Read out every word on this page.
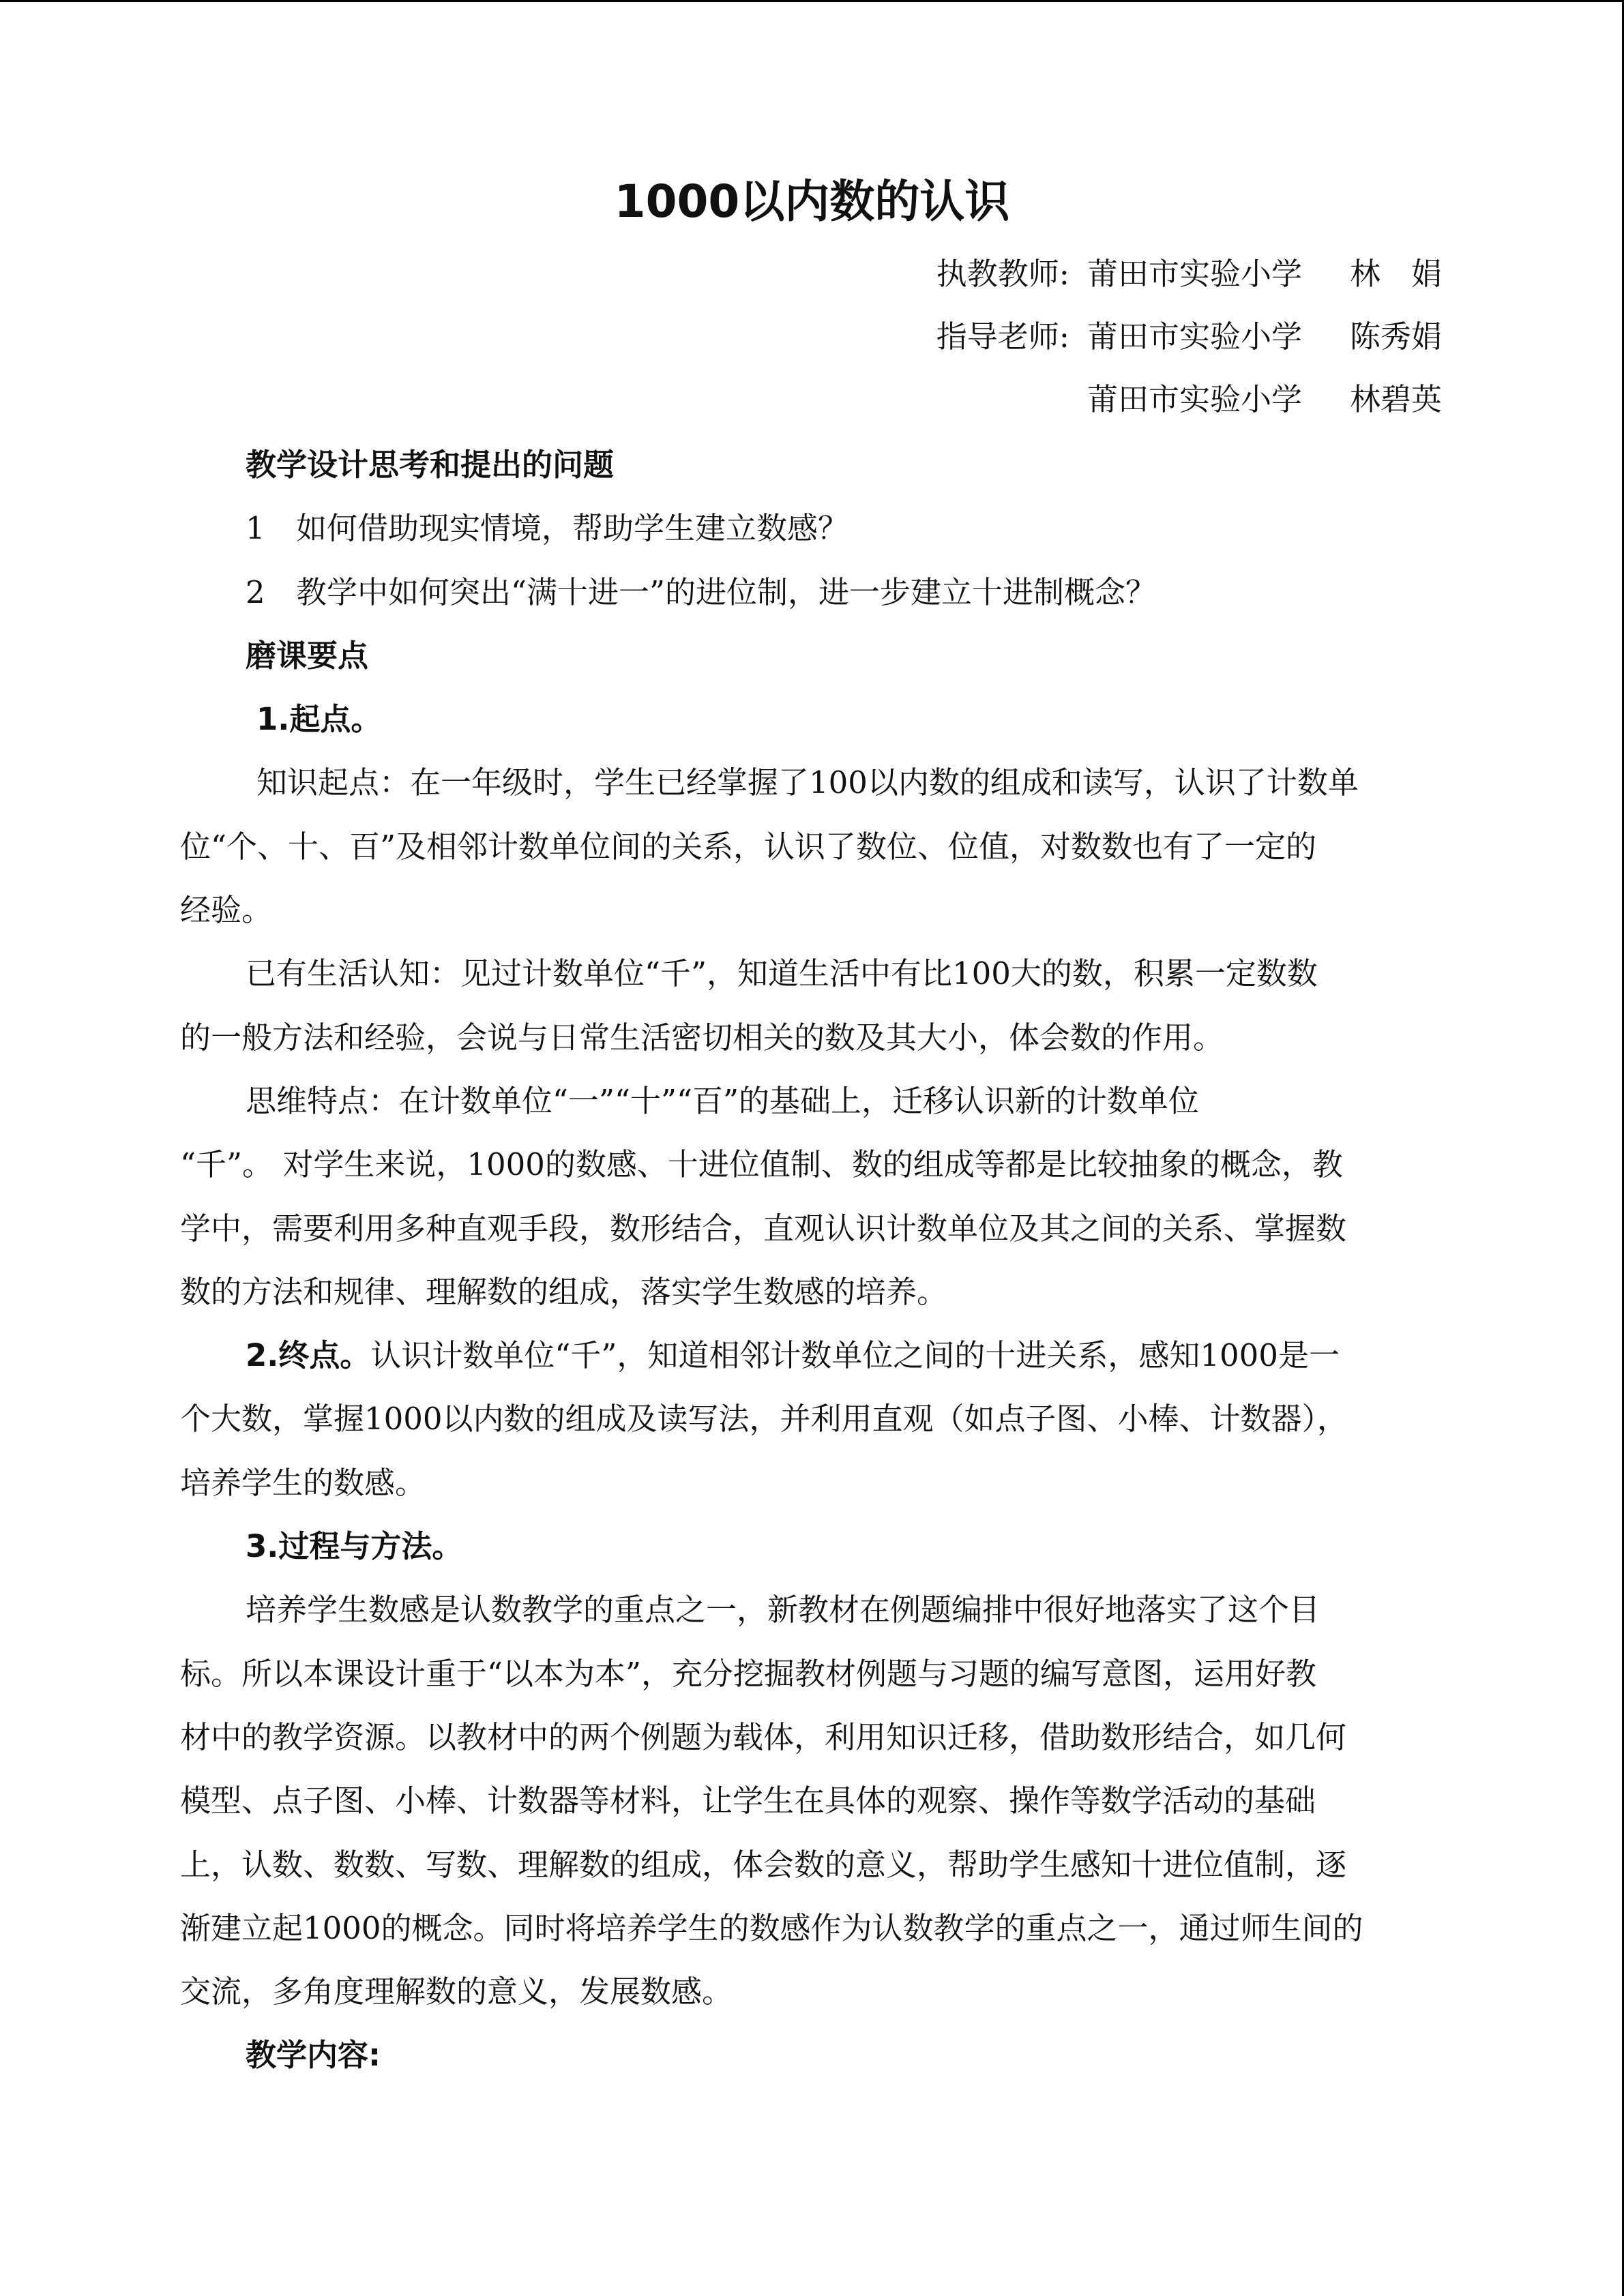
1000以内数的认识
执教教师: 莆田市实验小学 林　娟
指导老师: 莆田市实验小学 陈秀娟
莆田市实验小学 林碧英
教学设计思考和提出的问题
1 如何借助现实情境，帮助学生建立数感？
2 教学中如何突出“满十进一”的进位制，进一步建立十进制概念？
磨课要点
1.起点。
知识起点：在一年级时，学生已经掌握了100以内数的组成和读写，认识了计数单
位“个、十、百”及相邻计数单位间的关系，认识了数位、位值，对数数也有了一定的
经验。
已有生活认知：见过计数单位“千”，知道生活中有比100大的数，积累一定数数
的一般方法和经验，会说与日常生活密切相关的数及其大小，体会数的作用。
思维特点：在计数单位“一”“十”“百”的基础上，迁移认识新的计数单位
“千”。 对学生来说，1000的数感、十进位值制、数的组成等都是比较抽象的概念，教
学中，需要利用多种直观手段，数形结合，直观认识计数单位及其之间的关系、掌握数
数的方法和规律、理解数的组成，落实学生数感的培养。
2.终点。认识计数单位“千”，知道相邻计数单位之间的十进关系，感知1000是一
个大数，掌握1000以内数的组成及读写法，并利用直观（如点子图、小棒、计数器），
培养学生的数感。
3.过程与方法。
培养学生数感是认数教学的重点之一，新教材在例题编排中很好地落实了这个目
标。所以本课设计重于“以本为本”，充分挖掘教材例题与习题的编写意图，运用好教
材中的教学资源。以教材中的两个例题为载体，利用知识迁移，借助数形结合，如几何
模型、点子图、小棒、计数器等材料，让学生在具体的观察、操作等数学活动的基础
上，认数、数数、写数、理解数的组成，体会数的意义，帮助学生感知十进位值制，逐
渐建立起1000的概念。同时将培养学生的数感作为认数教学的重点之一，通过师生间的
交流，多角度理解数的意义，发展数感。
教学内容:
